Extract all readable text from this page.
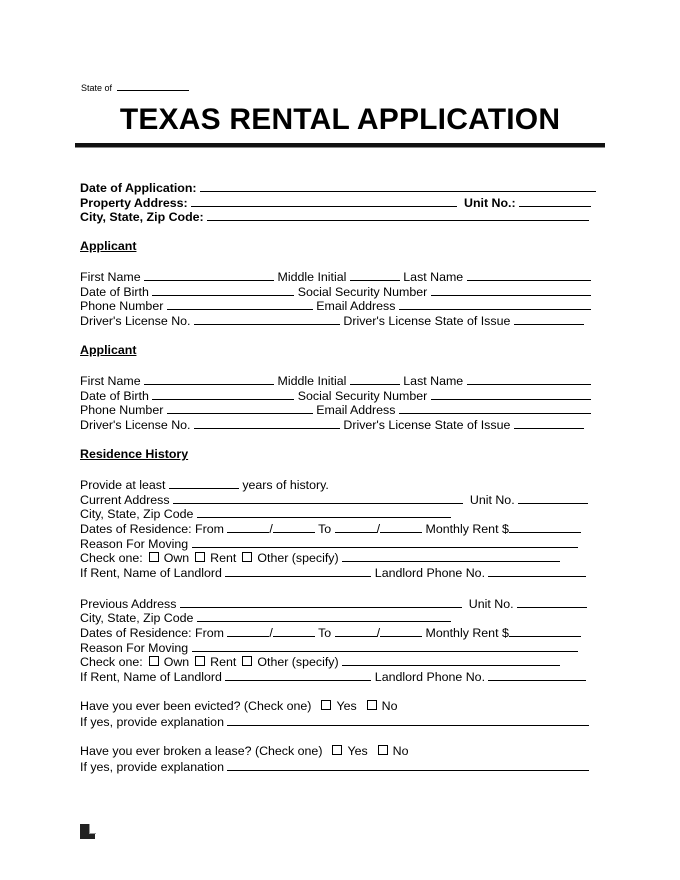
State of
TEXAS RENTAL APPLICATION
Date of Application:
Property Address:	Unit No.:
City, State, Zip Code:
Applicant
First Name	Middle Initial	Last Name
Date of Birth	Social Security Number
Phone Number	Email Address
Driver's License No.	Driver's License State of Issue
Applicant
First Name	Middle Initial	Last Name
Date of Birth	Social Security Number
Phone Number	Email Address
Driver's License No.	Driver's License State of Issue
Residence History
Provide at least	years of history.
Current Address	Unit No.
City, State, Zip Code
Dates of Residence: From	/	To	/	Monthly Rent $
Reason For Moving
Check one: Own Rent Other (specify)
If Rent, Name of Landlord	Landlord Phone No.
Previous Address	Unit No.
City, State, Zip Code
Dates of Residence: From	/	To	/	Monthly Rent $
Reason For Moving
Check one: Own Rent Other (specify)
If Rent, Name of Landlord	Landlord Phone No.
Have you ever been evicted? (Check one) Yes No
If yes, provide explanation
Have you ever broken a lease? (Check one) Yes No
If yes, provide explanation
